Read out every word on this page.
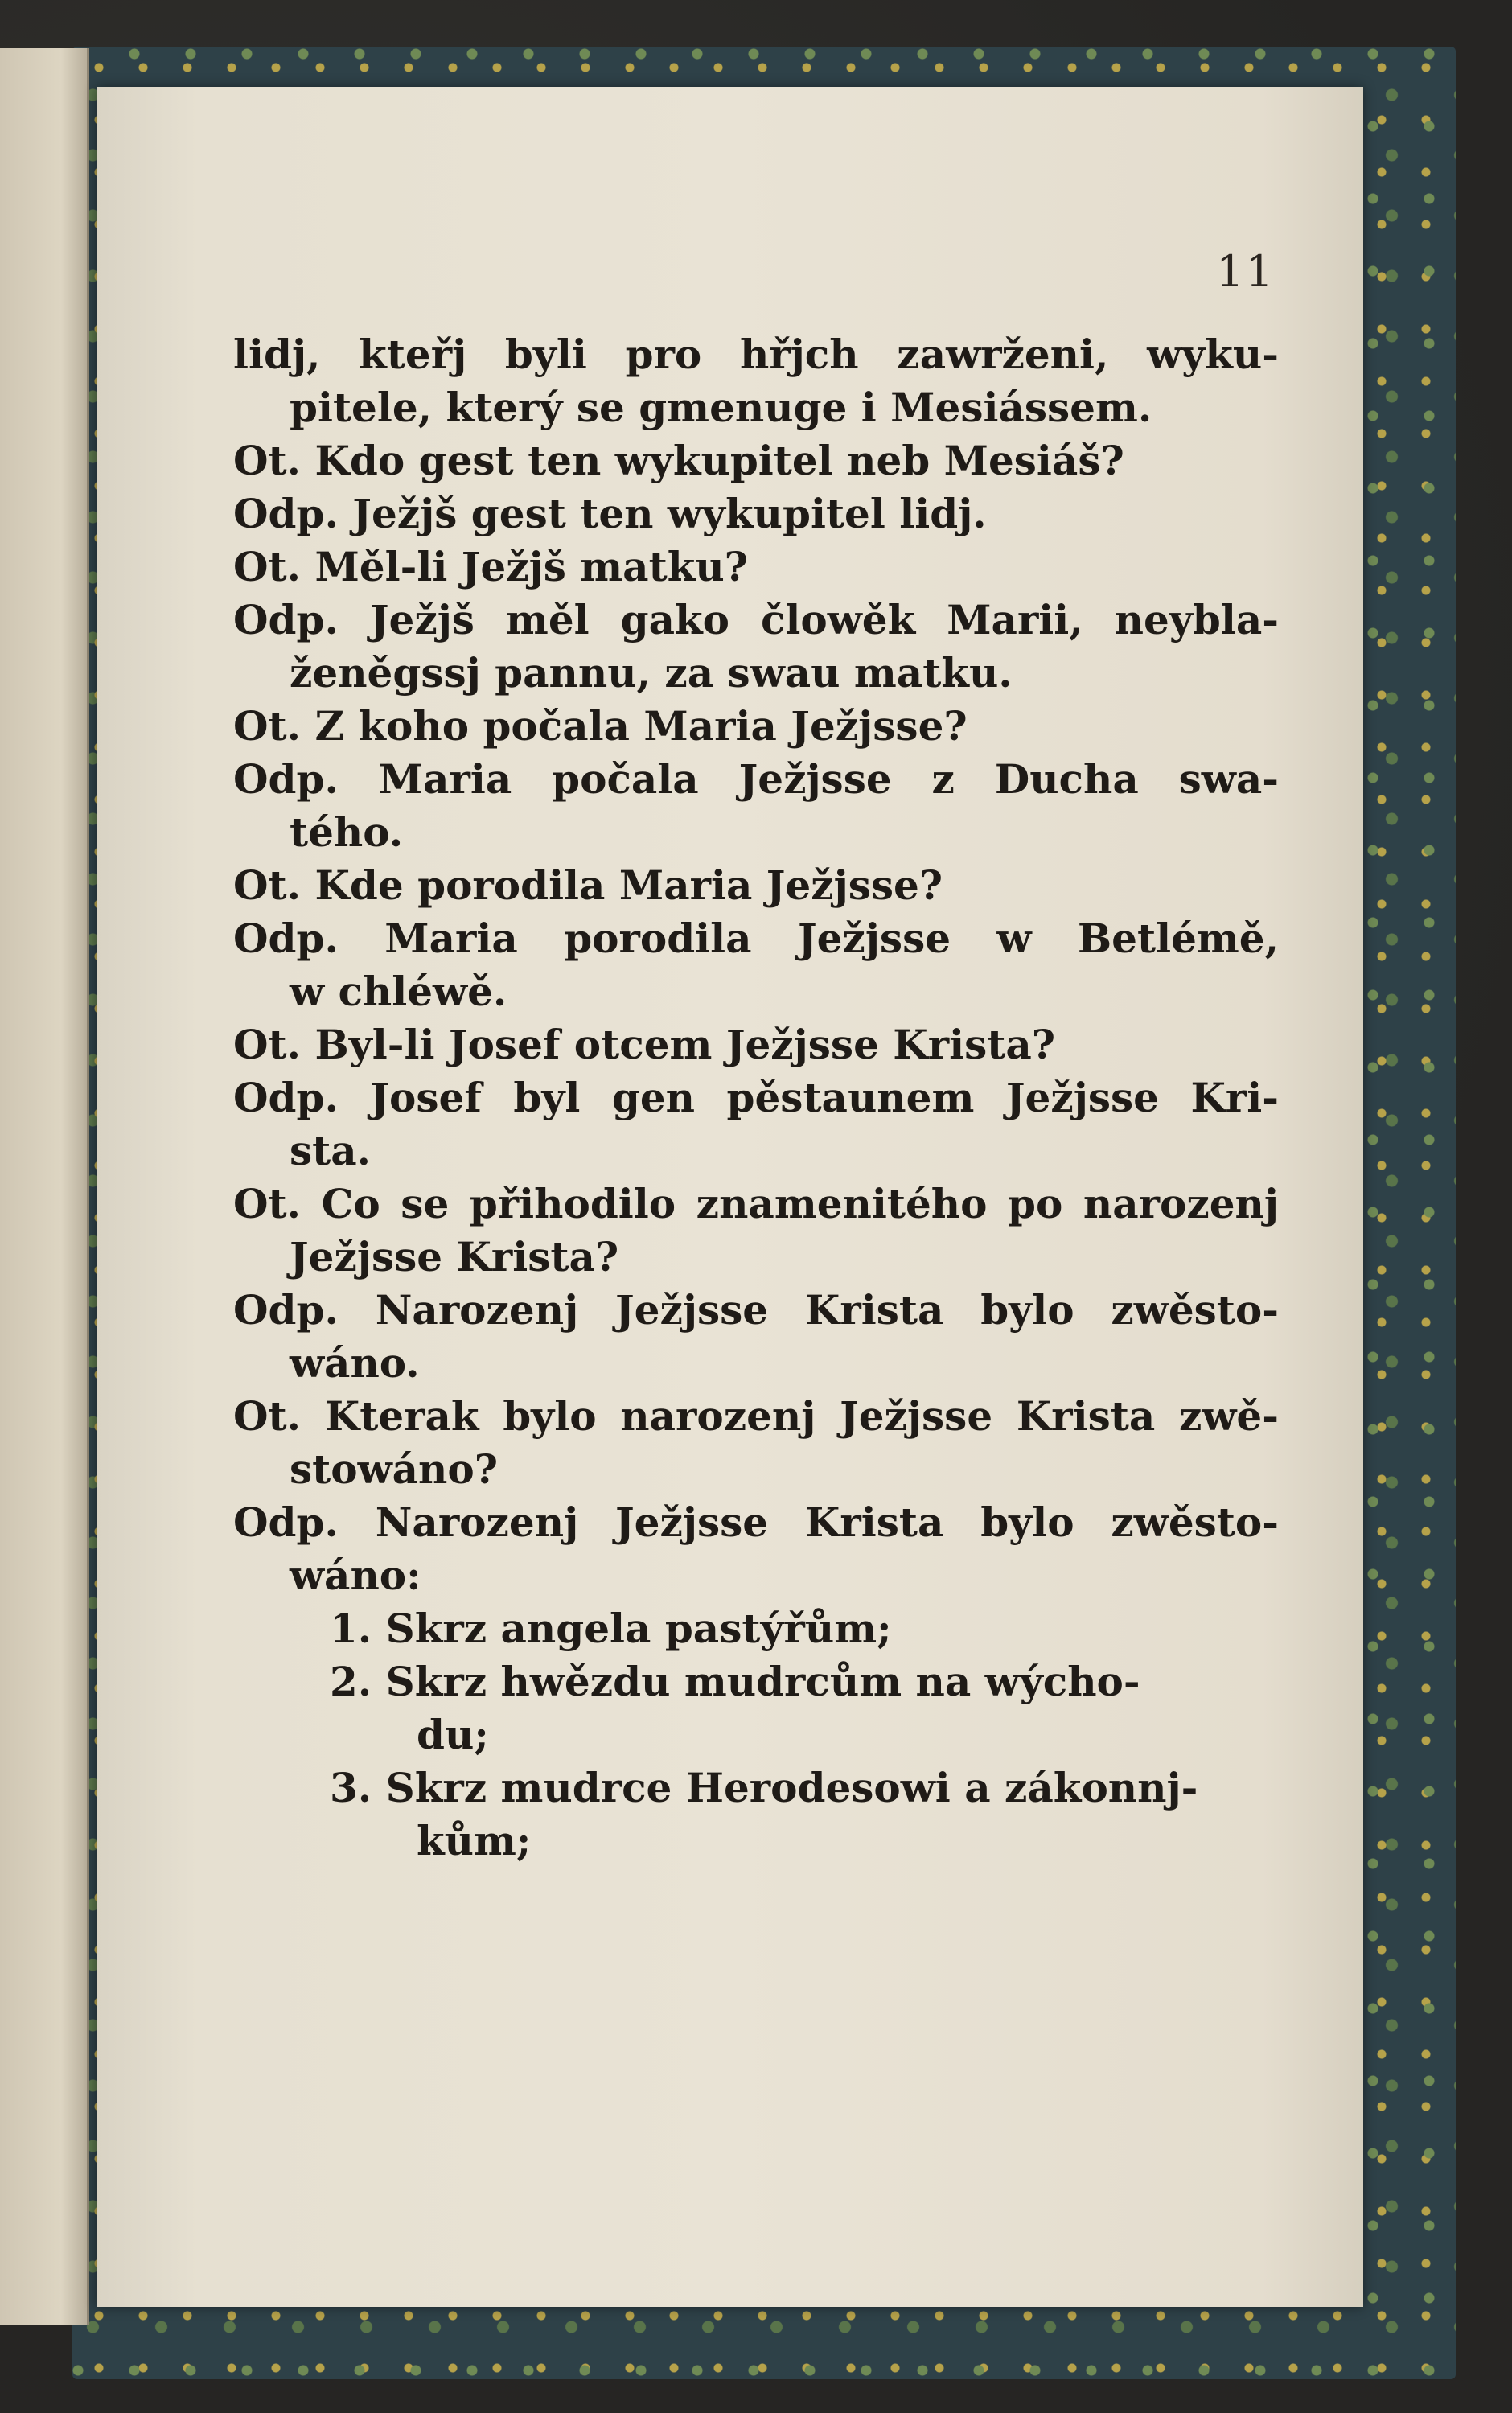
11
lidj, kteřj byli pro hřjch zawrženi, wyku-
pitele, který se gmenuge i Mesiássem.
Ot. Kdo gest ten wykupitel neb Mesiáš?
Odp. Ježjš gest ten wykupitel lidj.
Ot. Měl-li Ježjš matku?
Odp. Ježjš měl gako člowěk Marii, neybla-
ženěgssj pannu, za swau matku.
Ot. Z koho počala Maria Ježjsse?
Odp. Maria počala Ježjsse z Ducha swa-
tého.
Ot. Kde porodila Maria Ježjsse?
Odp. Maria porodila Ježjsse w Betlémě,
w chléwě.
Ot. Byl-li Josef otcem Ježjsse Krista?
Odp. Josef byl gen pěstaunem Ježjsse Kri-
sta.
Ot. Co se přihodilo znamenitého po narozenj
Ježjsse Krista?
Odp. Narozenj Ježjsse Krista bylo zwěsto-
wáno.
Ot. Kterak bylo narozenj Ježjsse Krista zwě-
stowáno?
Odp. Narozenj Ježjsse Krista bylo zwěsto-
wáno:
1. Skrz angela pastýřům;
2. Skrz hwězdu mudrcům na wýcho-
du;
3. Skrz mudrce Herodesowi a zákonnj-
kům;
